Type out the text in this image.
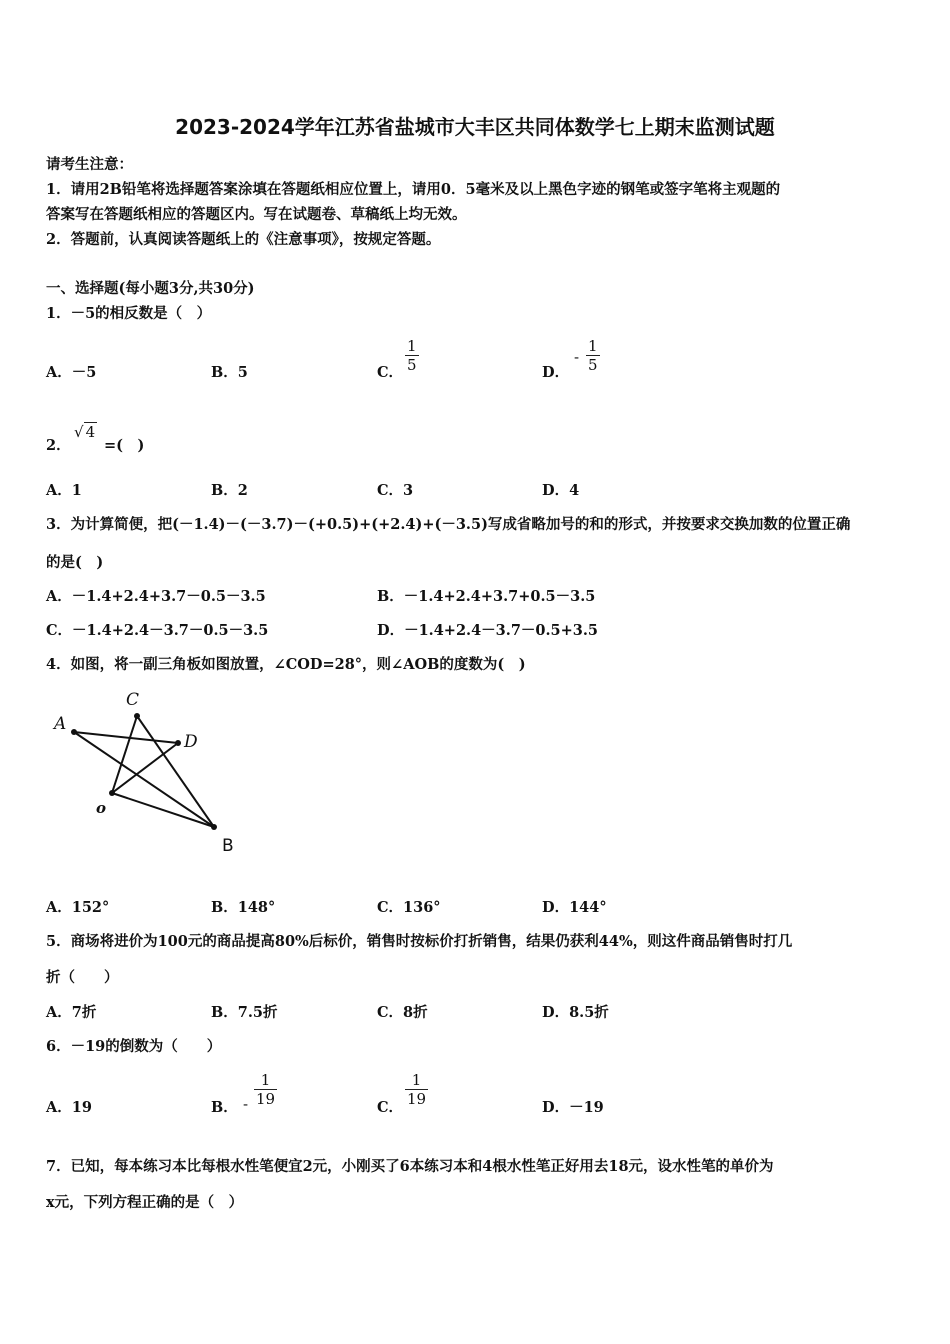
2023-2024学年江苏省盐城市大丰区共同体数学七上期末监测试题
请考生注意：
1．请用2B铅笔将选择题答案涂填在答题纸相应位置上，请用0．5毫米及以上黑色字迹的钢笔或签字笔将主观题的
答案写在答题纸相应的答题区内。写在试题卷、草稿纸上均无效。
2．答题前，认真阅读答题纸上的《注意事项》，按规定答题。
一、选择题(每小题3分,共30分)
1．－5的相反数是（　）
A．－5	B．5	C． $\frac{1}{5}$	D．
- $\frac{1}{5}$
2．
√ 4
=(　)
A．1	B．2	C．3	D．4
3．为计算简便，把(－1.4)－(－3.7)－(+0.5)+(+2.4)+(－3.5)写成省略加号的和的形式，并按要求交换加数的位置正确
的是(　)
A．－1.4+2.4+3.7－0.5－3.5	B．－1.4+2.4+3.7+0.5－3.5
C．－1.4+2.4－3.7－0.5－3.5	D．－1.4+2.4－3.7－0.5+3.5
4．如图，将一副三角板如图放置，∠COD=28°，则∠AOB的度数为(　)
A
C
D
o
B
A．152°	B．148°	C．136°	D．144°
5．商场将进价为100元的商品提高80%后标价，销售时按标价打折销售，结果仍获利44%，则这件商品销售时打几
折（　　）
A．7折	B．7.5折	C．8折	D．8.5折
6．－19的倒数为（　　）
A．19	B． - $\frac{1}{19}$	C． $\frac{1}{19}$	D．－19
7．已知，每本练习本比每根水性笔便宜2元，小刚买了6本练习本和4根水性笔正好用去18元，设水性笔的单价为
x元，下列方程正确的是（　）
